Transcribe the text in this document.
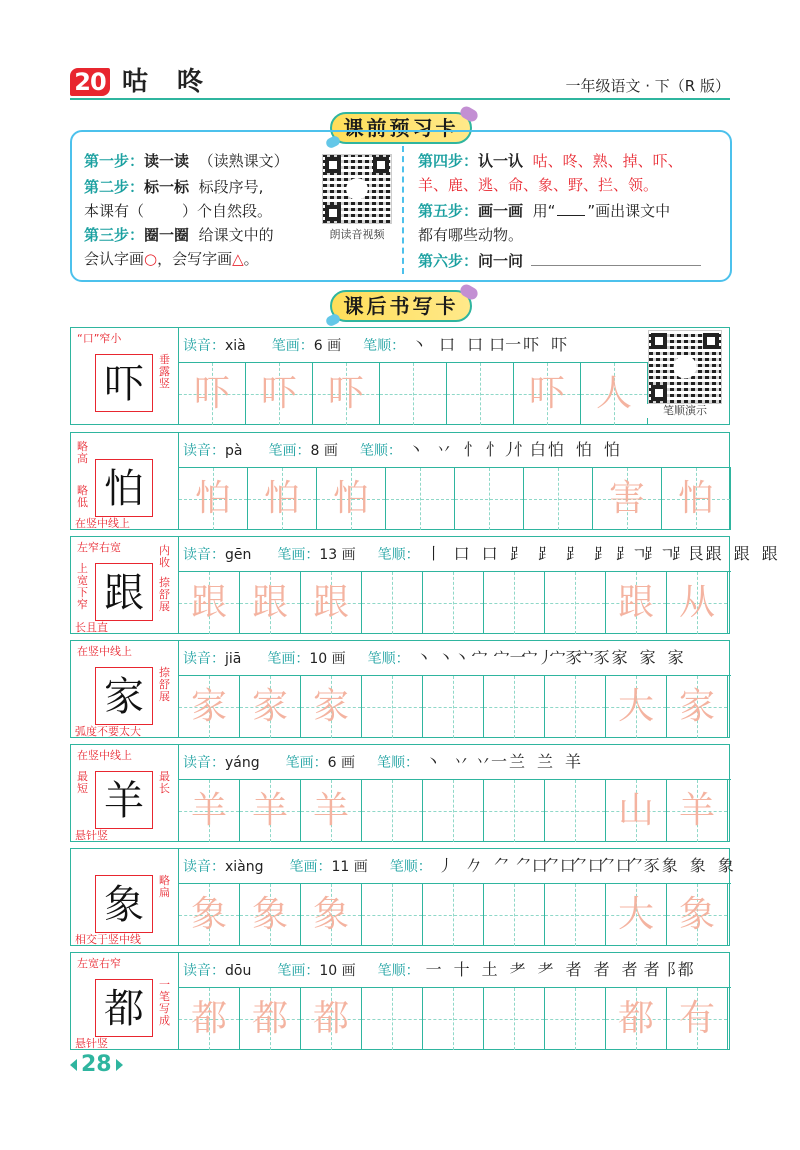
20 咕 咚	一年级语文 · 下（R 版）
课前预习卡
第一步：读一读 （读熟课文）
第二步：标一标 标段序号,
本课有（	）个自然段。
第三步：圈一圈 给课文中的
会认字画○，会写字画△。
朗读音视频
第四步：认一认 咕、咚、熟、掉、吓、
羊、鹿、逃、命、象、野、拦、领。
第五步：画一画 用“ ”画出课文中
都有哪些动物。
第六步：问一问
课后书写卡
吓
“口”窄小
垂露竖
读音：xià 笔画：6 画 笔顺： 丶 口 口 口一 吓 吓
吓 吓 吓	吓 人
怕
在竖中线上
略高
略低
读音：pà 笔画：8 画 笔顺： 丶 丷 忄 忄丿忄白 怕 怕 怕
怕 怕 怕	害 怕
跟
左窄右宽
长且直
上宽下窄
内收
捺舒展
读音：gēn 笔画：13 画 笔顺： 丨 口 口 ⻊ ⻊ ⻊ ⻊ ⻊ㄱ⻊ㄱ⻊艮 跟 跟 跟
跟 跟 跟	跟 从
家
在竖中线上
弧度不要太大
捺舒展
读音：jiā 笔画：10 画 笔顺： 丶 丶丶 宀 宀一宀丿宀豕宀豕 家 家 家
家 家 家	大 家
羊
在竖中线上
悬针竖
最长
最短
读音：yáng 笔画：6 画 笔顺： 丶 丷 丷一 兰 兰 羊
羊 羊 羊	山 羊
象
相交于竖中线
略扁
读音：xiàng 笔画：11 画 笔顺： 丿 𠂊 ⺈ ⺈口⺈口⺈口⺈口⺈豕 象 象 象
象 象 象	大 象
都
左宽右窄
悬针竖
一笔写成
读音：dōu 笔画：10 画 笔顺： 一 十 土 耂 耂 者 者 者 者⻏ 都
都 都 都	都 有
笔顺演示
28
